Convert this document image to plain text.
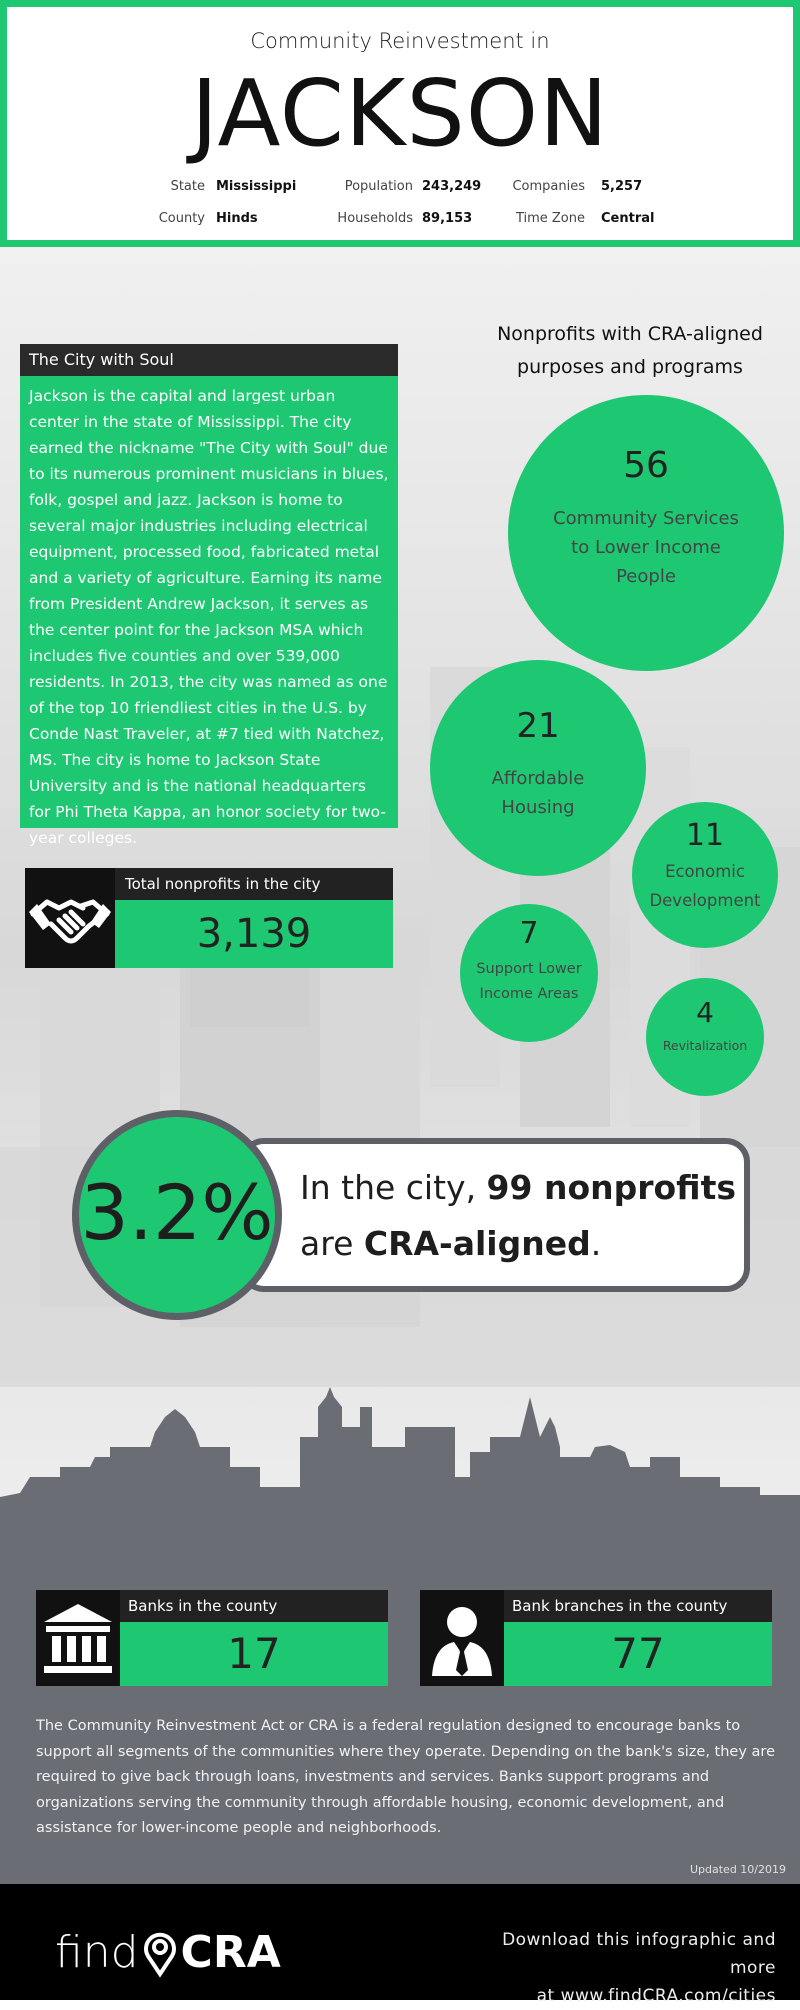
Community Reinvestment in
JACKSON
State Mississippi
County Hinds
Population 243,249
Households 89,153
Companies 5,257
Time Zone Central
The City with Soul
Jackson is the capital and largest urban center in the state of Mississippi. The city earned the nickname "The City with Soul" due to its numerous prominent musicians in blues, folk, gospel and jazz. Jackson is home to several major industries including electrical equipment, processed food, fabricated metal and a variety of agriculture. Earning its name from President Andrew Jackson, it serves as the center point for the Jackson MSA which includes five counties and over 539,000 residents. In 2013, the city was named as one of the top 10 friendliest cities in the U.S. by Conde Nast Traveler, at #7 tied with Natchez, MS. The city is home to Jackson State University and is the national headquarters for Phi Theta Kappa, an honor society for two-year colleges.
Total nonprofits in the city
3,139
Nonprofits with CRA-aligned purposes and programs
56
Community Services to Lower Income People
21
Affordable Housing
11
Economic Development
7
Support Lower Income Areas
4
Revitalization
3.2% In the city, 99 nonprofits
are CRA-aligned.
Banks in the county
17
Bank branches in the county
77
The Community Reinvestment Act or CRA is a federal regulation designed to encourage banks to support all segments of the communities where they operate. Depending on the bank's size, they are required to give back through loans, investments and services. Banks support programs and organizations serving the community through affordable housing, economic development, and assistance for lower-income people and neighborhoods.
Updated 10/2019
find CRA	Download this infographic and more
at www.findCRA.com/cities
